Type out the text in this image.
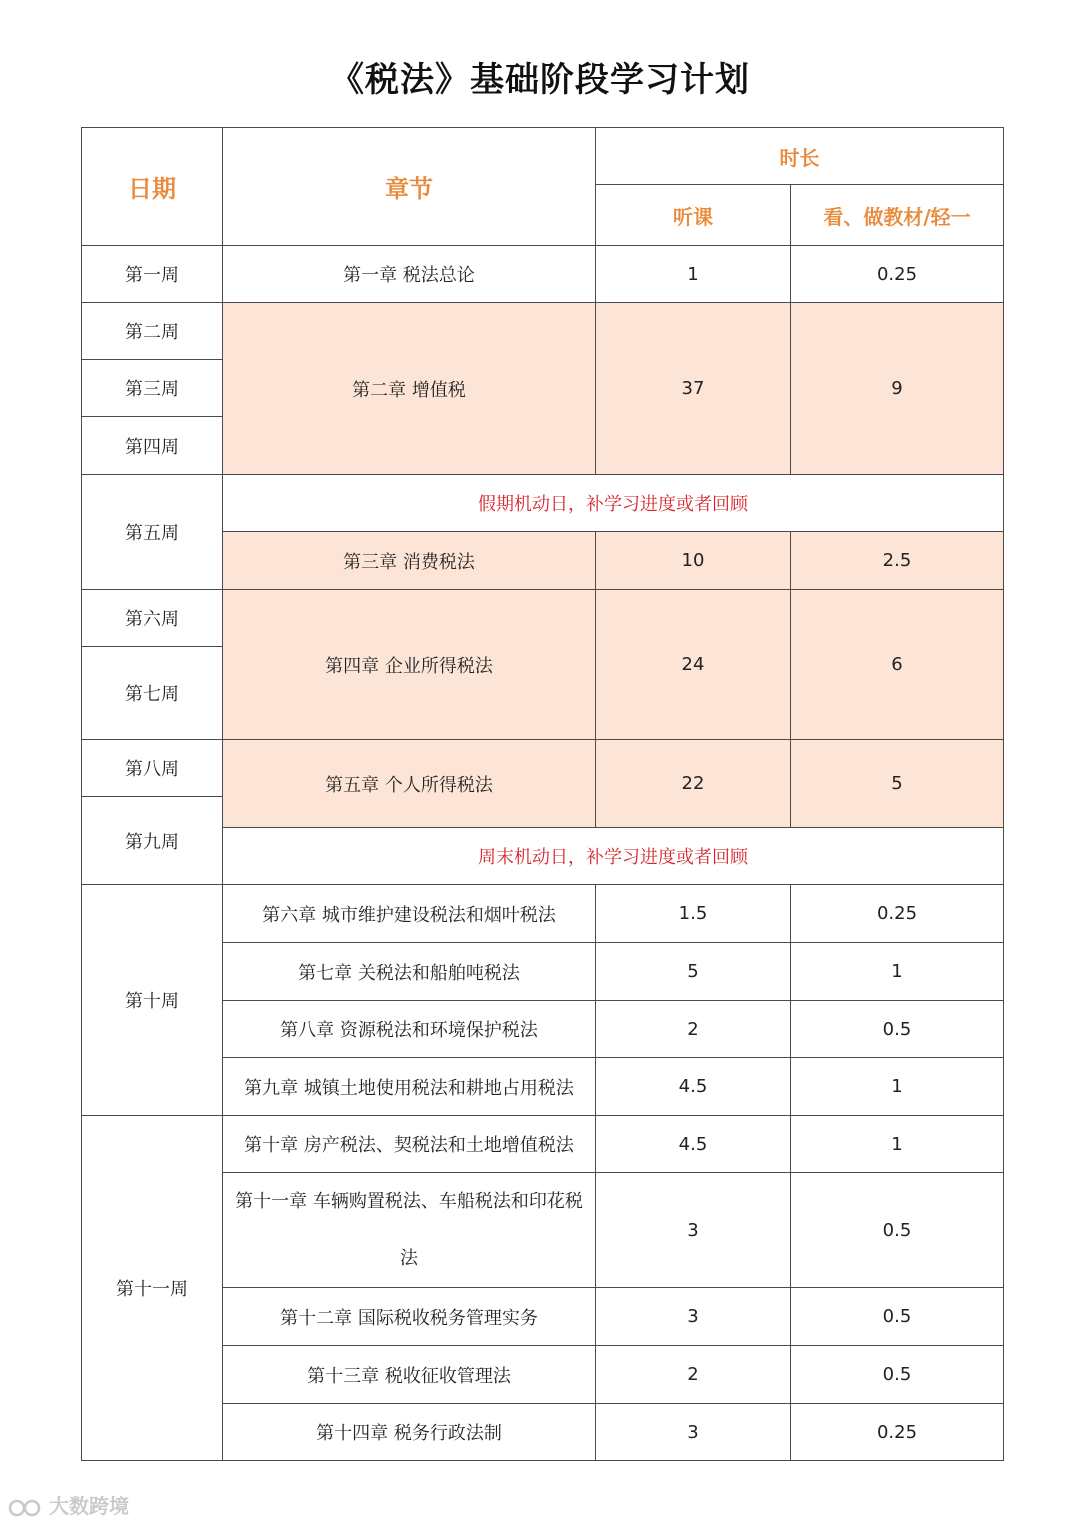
《税法》基础阶段学习计划
日期	章节	时长	
		听课	看、做教材/轻一
第一周	第一章 税法总论	1	0.25
第二周	第二章 增值税	37	9
第三周			
第四周			
第五周	假期机动日，补学习进度或者回顾		
	第三章 消费税法	10	2.5
第六周	第四章 企业所得税法	24	6
第七周			
第八周	第五章 个人所得税法	22	5
第九周			
	周末机动日，补学习进度或者回顾		
第十周	第六章 城市维护建设税法和烟叶税法	1.5	0.25
	第七章 关税法和船舶吨税法	5	1
	第八章 资源税法和环境保护税法	2	0.5
	第九章 城镇土地使用税法和耕地占用税法	4.5	1
第十一周	第十章 房产税法、契税法和土地增值税法	4.5	1
	第十一章 车辆购置税法、车船税法和印花税法	3	0.5
	第十二章 国际税收税务管理实务	3	0.5
	第十三章 税收征收管理法	2	0.5
	第十四章 税务行政法制	3	0.25
大数跨境
